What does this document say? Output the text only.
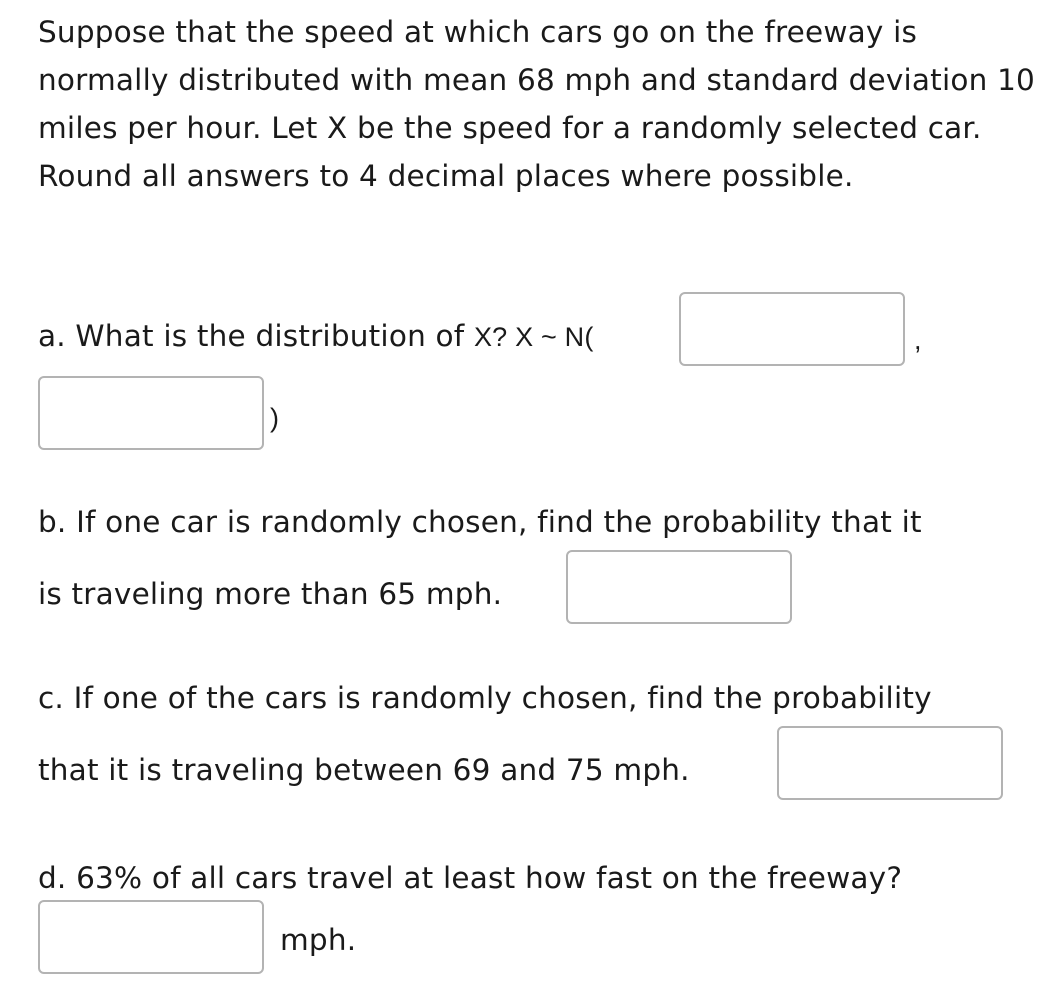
Suppose that the speed at which cars go on the freeway is normally distributed with mean 68 mph and standard deviation 10 miles per hour. Let X be the speed for a randomly selected car. Round all answers to 4 decimal places where possible.

a. What is the distribution of X? X ~ N(	,
)
b. If one car is randomly chosen, find the probability that it
is traveling more than 65 mph.
c. If one of the cars is randomly chosen, find the probability
that it is traveling between 69 and 75 mph.
d. 63% of all cars travel at least how fast on the freeway?
mph.
